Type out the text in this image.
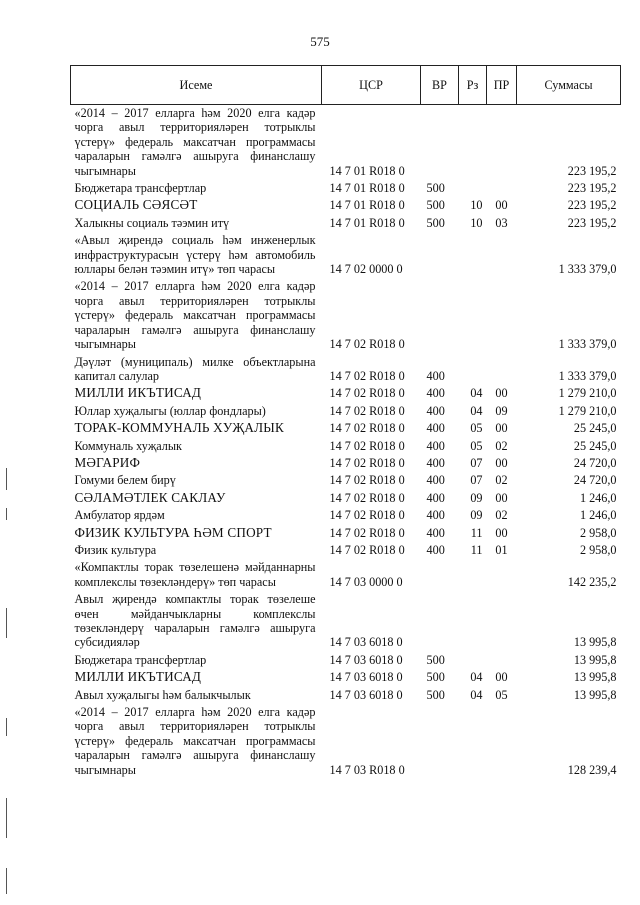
575
Исеме	ЦСР	ВР	Рз	ПР	Суммасы
«2014 – 2017 елларга һәм 2020 елга кадәр чорга авыл территорияләрен тотрыклы үстерү» федераль максатчан программасы чараларын гамәлгә ашыруга финанслашу чыгымнары	14 7 01 R018 0				223 195,2
Бюджетара трансфертлар	14 7 01 R018 0	500			223 195,2
СОЦИАЛЬ СӘЯСӘТ	14 7 01 R018 0	500	10	00	223 195,2
Халыкны социаль тәэмин итү	14 7 01 R018 0	500	10	03	223 195,2
«Авыл җирендә социаль һәм инженерлык инфраструктурасын үстерү һәм автомобиль юллары белән тәэмин итү» төп чарасы	14 7 02 0000 0				1 333 379,0
«2014 – 2017 елларга һәм 2020 елга кадәр чорга авыл территорияләрен тотрыклы үстерү» федераль максатчан программасы чараларын гамәлгә ашыруга финанслашу чыгымнары	14 7 02 R018 0				1 333 379,0
Дәүләт (муниципаль) милке объектларына капитал салулар	14 7 02 R018 0	400			1 333 379,0
МИЛЛИ ИКЪТИСАД	14 7 02 R018 0	400	04	00	1 279 210,0
Юллар хуҗалыгы (юллар фондлары)	14 7 02 R018 0	400	04	09	1 279 210,0
ТОРАК-КОММУНАЛЬ ХУҖАЛЫК	14 7 02 R018 0	400	05	00	25 245,0
Коммуналь хуҗалык	14 7 02 R018 0	400	05	02	25 245,0
МӘГАРИФ	14 7 02 R018 0	400	07	00	24 720,0
Гомуми белем бирү	14 7 02 R018 0	400	07	02	24 720,0
СӘЛАМӘТЛЕК САКЛАУ	14 7 02 R018 0	400	09	00	1 246,0
Амбулатор ярдәм	14 7 02 R018 0	400	09	02	1 246,0
ФИЗИК КУЛЬТУРА ҺӘМ СПОРТ	14 7 02 R018 0	400	11	00	2 958,0
Физик культура	14 7 02 R018 0	400	11	01	2 958,0
«Компактлы торак төзелешенә мәйданнарны комплекслы төзекләндерү» төп чарасы	14 7 03 0000 0				142 235,2
Авыл җирендә компактлы торак төзелеше өчен мәйданчыкларны комплекслы төзекләндерү чараларын гамәлгә ашыруга субсидияләр	14 7 03 6018 0				13 995,8
Бюджетара трансфертлар	14 7 03 6018 0	500			13 995,8
МИЛЛИ ИКЪТИСАД	14 7 03 6018 0	500	04	00	13 995,8
Авыл хуҗалыгы һәм балыкчылык	14 7 03 6018 0	500	04	05	13 995,8
«2014 – 2017 елларга һәм 2020 елга кадәр чорга авыл территорияләрен тотрыклы үстерү» федераль максатчан программасы чараларын гамәлгә ашыруга финанслашу чыгымнары	14 7 03 R018 0				128 239,4
